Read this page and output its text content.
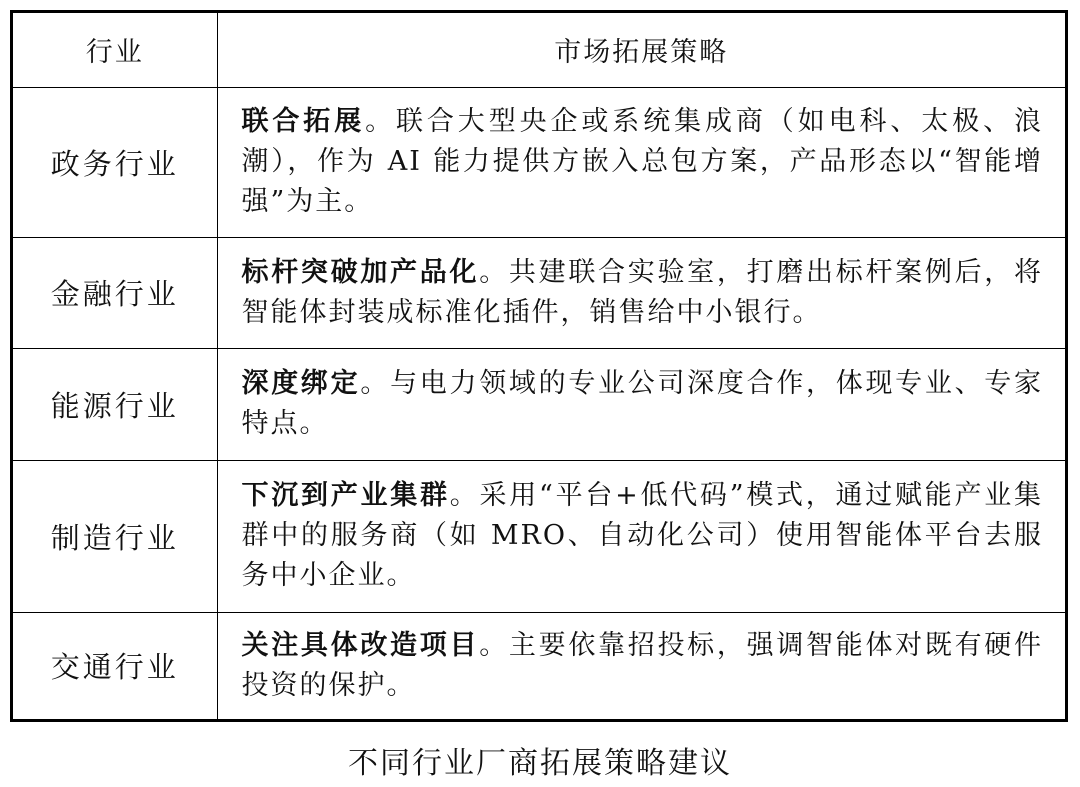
行业	市场拓展策略
政务行业	联合拓展。联合大型央企或系统集成商（如电科、太极、浪潮），作为 AI 能力提供方嵌入总包方案，产品形态以“智能增强”为主。
金融行业	标杆突破加产品化。共建联合实验室，打磨出标杆案例后，将智能体封装成标准化插件，销售给中小银行。
能源行业	深度绑定。与电力领域的专业公司深度合作，体现专业、专家特点。
制造行业	下沉到产业集群。采用“平台+低代码”模式，通过赋能产业集群中的服务商（如 MRO、自动化公司）使用智能体平台去服务中小企业。
交通行业	关注具体改造项目。主要依靠招投标，强调智能体对既有硬件投资的保护。
不同行业厂商拓展策略建议
